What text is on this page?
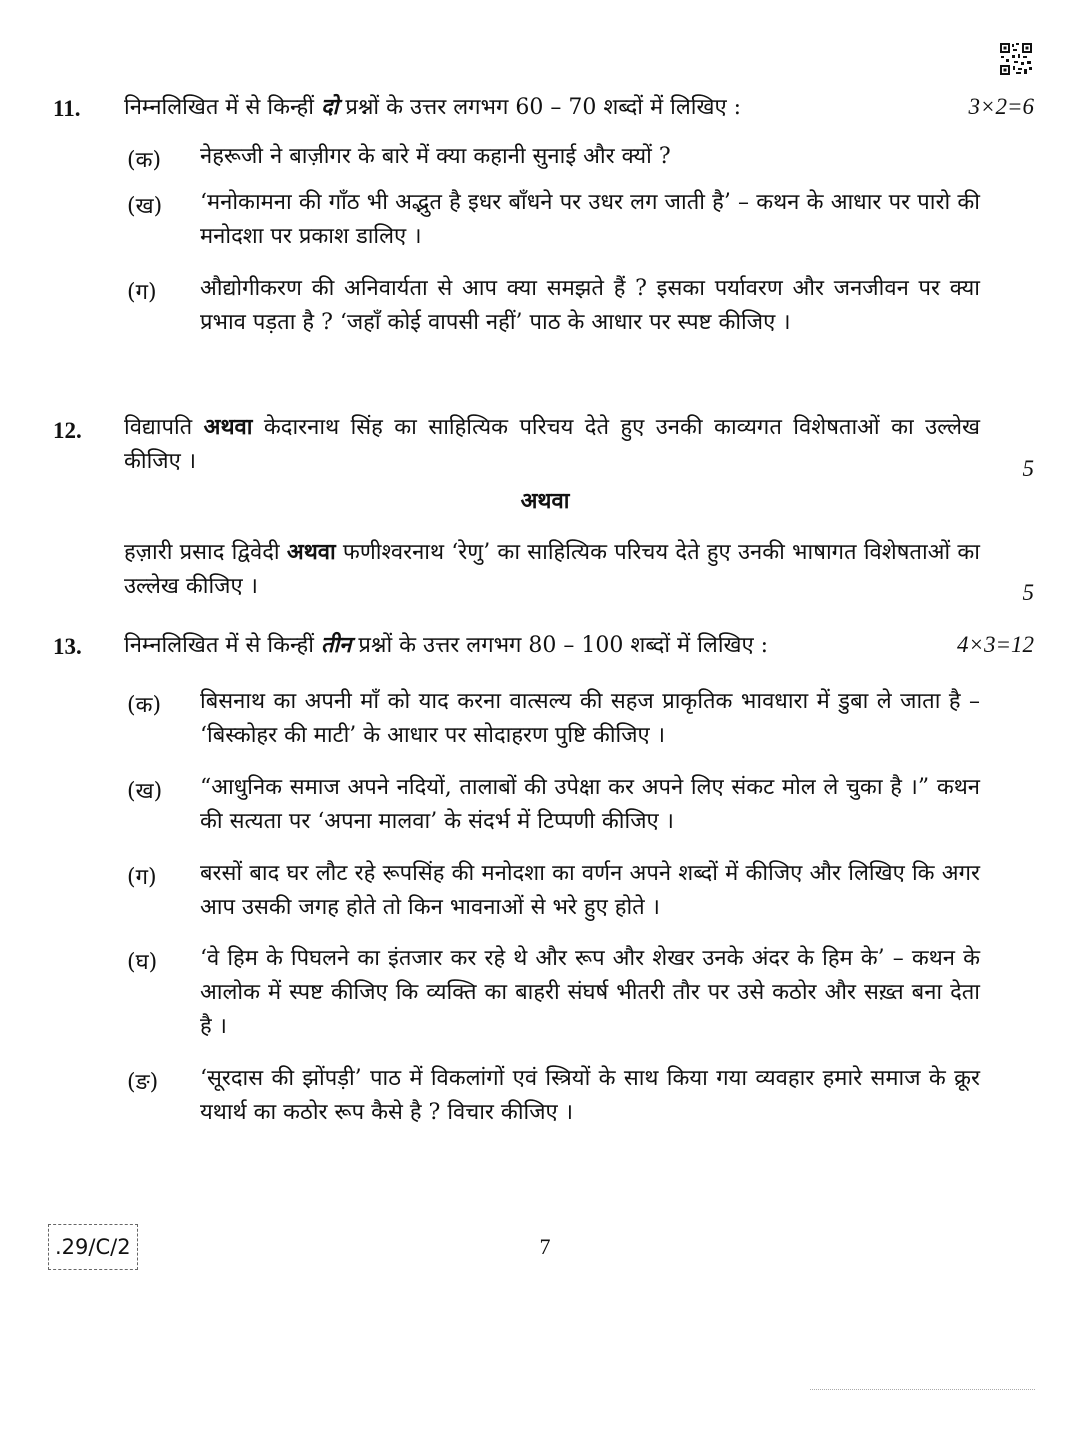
11. निम्नलिखित में से किन्हीं दो प्रश्नों के उत्तर लगभग 60 – 70 शब्दों में लिखिए :	3×2=6
(क) नेहरूजी ने बाज़ीगर के बारे में क्या कहानी सुनाई और क्यों ?
(ख) ‘मनोकामना की गाँठ भी अद्भुत है इधर बाँधने पर उधर लग जाती है’ – कथन के आधार पर पारो की मनोदशा पर प्रकाश डालिए ।
(ग) औद्योगीकरण की अनिवार्यता से आप क्या समझते हैं ? इसका पर्यावरण और जनजीवन पर क्या प्रभाव पड़ता है ? ‘जहाँ कोई वापसी नहीं’ पाठ के आधार पर स्पष्ट कीजिए ।
12. विद्यापति अथवा केदारनाथ सिंह का साहित्यिक परिचय देते हुए उनकी काव्यगत विशेषताओं का उल्लेख कीजिए ।	5
अथवा
हज़ारी प्रसाद द्विवेदी अथवा फणीश्वरनाथ ‘रेणु’ का साहित्यिक परिचय देते हुए उनकी भाषागत विशेषताओं का उल्लेख कीजिए ।	5
13. निम्नलिखित में से किन्हीं तीन प्रश्नों के उत्तर लगभग 80 – 100 शब्दों में लिखिए :	4×3=12
(क) बिसनाथ का अपनी माँ को याद करना वात्सल्य की सहज प्राकृतिक भावधारा में डुबा ले जाता है – ‘बिस्कोहर की माटी’ के आधार पर सोदाहरण पुष्टि कीजिए ।
(ख) “आधुनिक समाज अपने नदियों, तालाबों की उपेक्षा कर अपने लिए संकट मोल ले चुका है ।” कथन की सत्यता पर ‘अपना मालवा’ के संदर्भ में टिप्पणी कीजिए ।
(ग) बरसों बाद घर लौट रहे रूपसिंह की मनोदशा का वर्णन अपने शब्दों में कीजिए और लिखिए कि अगर आप उसकी जगह होते तो किन भावनाओं से भरे हुए होते ।
(घ) ‘वे हिम के पिघलने का इंतजार कर रहे थे और रूप और शेखर उनके अंदर के हिम के’ – कथन के आलोक में स्पष्ट कीजिए कि व्यक्ति का बाहरी संघर्ष भीतरी तौर पर उसे कठोर और सख़्त बना देता है ।
(ङ) ‘सूरदास की झोंपड़ी’ पाठ में विकलांगों एवं स्त्रियों के साथ किया गया व्यवहार हमारे समाज के क्रूर यथार्थ का कठोर रूप कैसे है ? विचार कीजिए ।
.29/C/2	7
